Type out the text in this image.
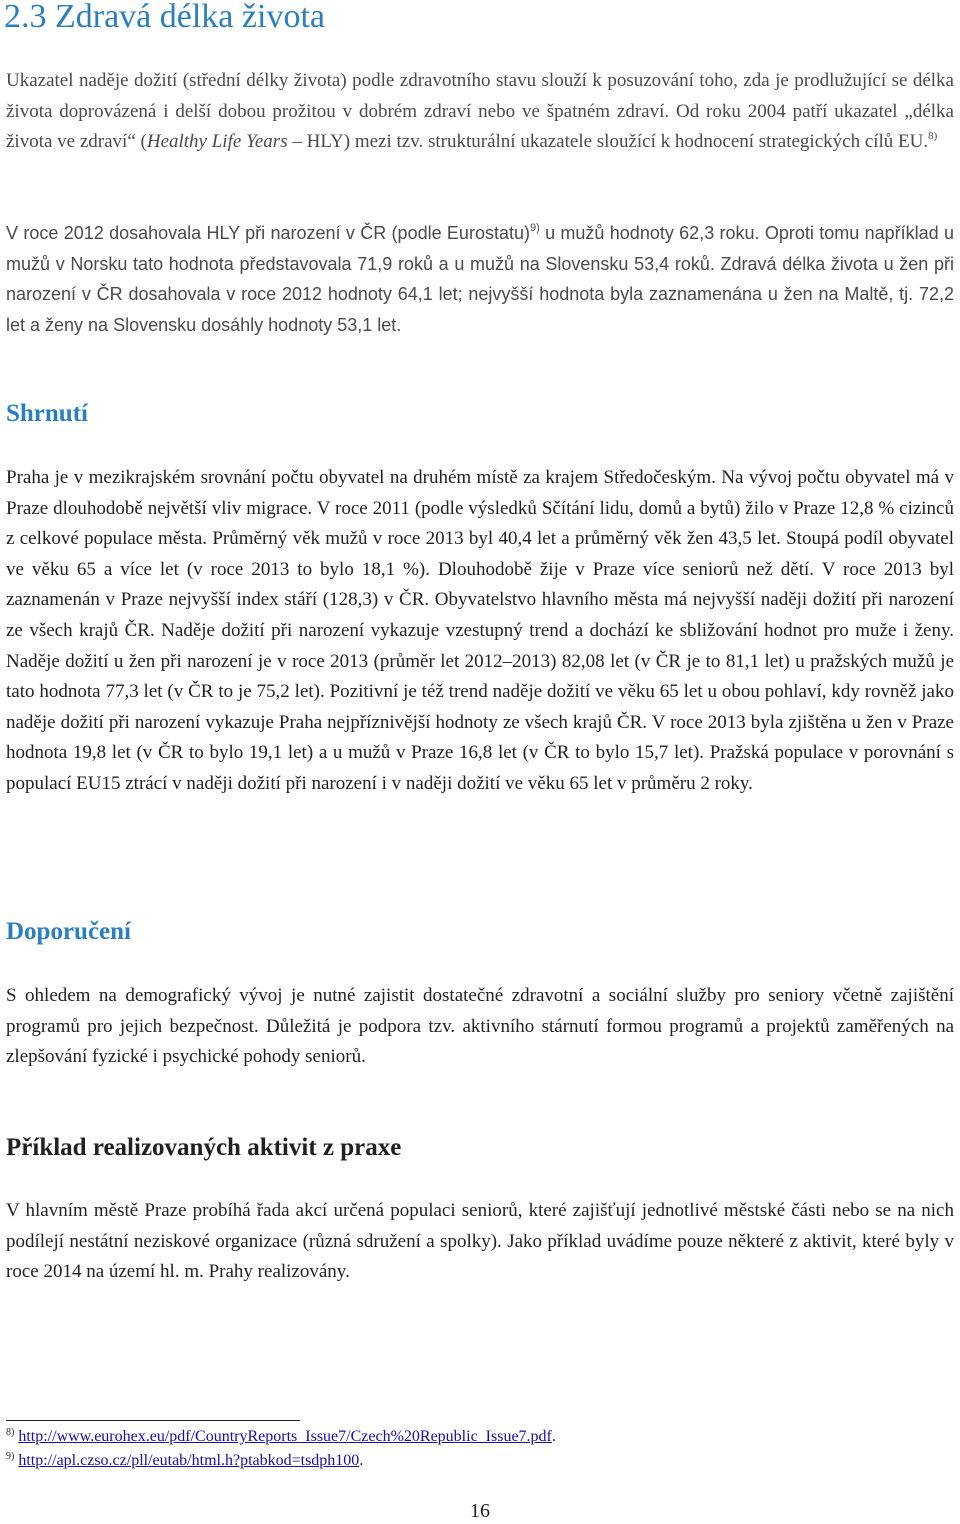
2.3 Zdravá délka života
Ukazatel naděje dožití (střední délky života) podle zdravotního stavu slouží k posuzování toho, zda je prodlužující se délka života doprovázená i delší dobou prožitou v dobrém zdraví nebo ve špatném zdraví. Od roku 2004 patří ukazatel „délka života ve zdraví“ (Healthy Life Years – HLY) mezi tzv. strukturální ukazatele sloužící k hodnocení strategických cílů EU.$^{8)}$
V roce 2012 dosahovala HLY při narození v ČR (podle Eurostatu)$^{9)}$ u mužů hodnoty 62,3 roku. Oproti tomu například u mužů v Norsku tato hodnota představovala 71,9 roků a u mužů na Slovensku 53,4 roků. Zdravá délka života u žen při narození v ČR dosahovala v roce 2012 hodnoty 64,1 let; nejvyšší hodnota byla zaznamenána u žen na Maltě, tj. 72,2 let a ženy na Slovensku dosáhly hodnoty 53,1 let.
Shrnutí
Praha je v mezikrajském srovnání počtu obyvatel na druhém místě za krajem Středočeským. Na vývoj počtu obyvatel má v Praze dlouhodobě největší vliv migrace. V roce 2011 (podle výsledků Sčítání lidu, domů a bytů) žilo v Praze 12,8 % cizinců z celkové populace města. Průměrný věk mužů v roce 2013 byl 40,4 let a průměrný věk žen 43,5 let. Stoupá podíl obyvatel ve věku 65 a více let (v roce 2013 to bylo 18,1 %). Dlouhodobě žije v Praze více seniorů než dětí. V roce 2013 byl zaznamenán v Praze nejvyšší index stáří (128,3) v ČR. Obyvatelstvo hlavního města má nejvyšší naději dožití při narození ze všech krajů ČR. Naděje dožití při narození vykazuje vzestupný trend a dochází ke sbližování hodnot pro muže i ženy. Naděje dožití u žen při narození je v roce 2013 (průměr let 2012–2013) 82,08 let (v ČR je to 81,1 let) u pražských mužů je tato hodnota 77,3 let (v ČR to je 75,2 let). Pozitivní je též trend naděje dožití ve věku 65 let u obou pohlaví, kdy rovněž jako naděje dožití při narození vykazuje Praha nejpříznivější hodnoty ze všech krajů ČR. V roce 2013 byla zjištěna u žen v Praze hodnota 19,8 let (v ČR to bylo 19,1 let) a u mužů v Praze 16,8 let (v ČR to bylo 15,7 let). Pražská populace v porovnání s populací EU15 ztrácí v naději dožití při narození i v naději dožití ve věku 65 let v průměru 2 roky.
Doporučení
S ohledem na demografický vývoj je nutné zajistit dostatečné zdravotní a sociální služby pro seniory včetně zajištění programů pro jejich bezpečnost. Důležitá je podpora tzv. aktivního stárnutí formou programů a projektů zaměřených na zlepšování fyzické i psychické pohody seniorů.
Příklad realizovaných aktivit z praxe
V hlavním městě Praze probíhá řada akcí určená populaci seniorů, které zajišťují jednotlivé městské části nebo se na nich podílejí nestátní neziskové organizace (různá sdružení a spolky). Jako příklad uvádíme pouze některé z aktivit, které byly v roce 2014 na území hl. m. Prahy realizovány.
$^{8)}$ http://www.eurohex.eu/pdf/CountryReports_Issue7/Czech%20Republic_Issue7.pdf.
$^{9)}$ http://apl.czso.cz/pll/eutab/html.h?ptabkod=tsdph100.
16
